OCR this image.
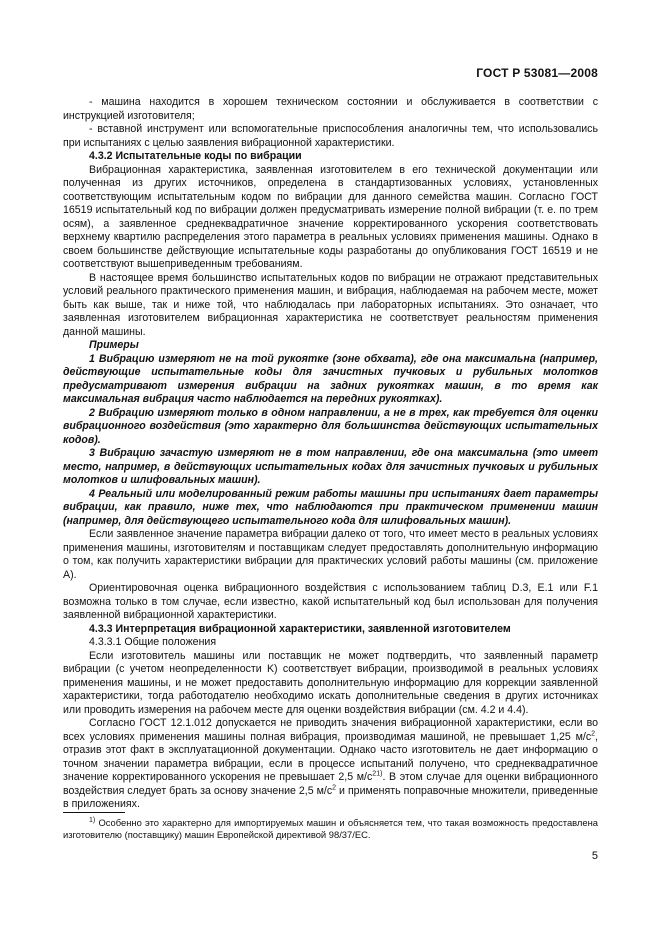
ГОСТ Р 53081—2008

- машина находится в хорошем техническом состоянии и обслуживается в соответствии с инструкцией изготовителя;

- вставной инструмент или вспомогательные приспособления аналогичны тем, что использовались при испытаниях с целью заявления вибрационной характеристики.

4.3.2 Испытательные коды по вибрации

Вибрационная характеристика, заявленная изготовителем в его технической документации или полученная из других источников, определена в стандартизованных условиях, установленных соответствующим испытательным кодом по вибрации для данного семейства машин. Согласно ГОСТ 16519 испытательный код по вибрации должен предусматривать измерение полной вибрации (т. е. по трем осям), а заявленное среднеквадратичное значение корректированного ускорения соответствовать верхнему квартилю распределения этого параметра в реальных условиях применения машины. Однако в своем большинстве действующие испытательные коды разработаны до опубликования ГОСТ 16519 и не соответствуют вышеприведенным требованиям.

В настоящее время большинство испытательных кодов по вибрации не отражают представительных условий реального практического применения машин, и вибрация, наблюдаемая на рабочем месте, может быть как выше, так и ниже той, что наблюдалась при лабораторных испытаниях. Это означает, что заявленная изготовителем вибрационная характеристика не соответствует реальностям применения данной машины.

Примеры

1 Вибрацию измеряют не на той рукоятке (зоне обхвата), где она максимальна (например, действующие испытательные коды для зачистных пучковых и рубильных молотков предусматривают измерения вибрации на задних рукоятках машин, в то время как максимальная вибрация часто наблюдается на передних рукоятках).

2 Вибрацию измеряют только в одном направлении, а не в трех, как требуется для оценки вибрационного воздействия (это характерно для большинства действующих испытательных кодов).

3 Вибрацию зачастую измеряют не в том направлении, где она максимальна (это имеет место, например, в действующих испытательных кодах для зачистных пучковых и рубильных молотков и шлифовальных машин).

4 Реальный или моделированный режим работы машины при испытаниях дает параметры вибрации, как правило, ниже тех, что наблюдаются при практическом применении машин (например, для действующего испытательного кода для шлифовальных машин).

Если заявленное значение параметра вибрации далеко от того, что имеет место в реальных условиях применения машины, изготовителям и поставщикам следует предоставлять дополнительную информацию о том, как получить характеристики вибрации для практических условий работы машины (см. приложение А).

Ориентировочная оценка вибрационного воздействия с использованием таблиц D.3, E.1 или F.1 возможна только в том случае, если известно, какой испытательный код был использован для получения заявленной вибрационной характеристики.

4.3.3 Интерпретация вибрационной характеристики, заявленной изготовителем

4.3.3.1 Общие положения

Если изготовитель машины или поставщик не может подтвердить, что заявленный параметр вибрации (с учетом неопределенности K) соответствует вибрации, производимой в реальных условиях применения машины, и не может предоставить дополнительную информацию для коррекции заявленной характеристики, тогда работодателю необходимо искать дополнительные сведения в других источниках или проводить измерения на рабочем месте для оценки воздействия вибрации (см. 4.2 и 4.4).

Согласно ГОСТ 12.1.012 допускается не приводить значения вибрационной характеристики, если во всех условиях применения машины полная вибрация, производимая машиной, не превышает 1,25 $м/с^2$, отразив этот факт в эксплуатационной документации. Однако часто изготовитель не дает информацию о точном значении параметра вибрации, если в процессе испытаний получено, что среднеквадратичное значение корректированного ускорения не превышает 2,5 $м/с^{21)}$. В этом случае для оценки вибрационного воздействия следует брать за основу значение 2,5 $м/с^2$ и применять поправочные множители, приведенные в приложениях.

$^{1)}$ Особенно это характерно для импортируемых машин и объясняется тем, что такая возможность предоставлена изготовителю (поставщику) машин Европейской директивой 98/37/ЕС.
5
